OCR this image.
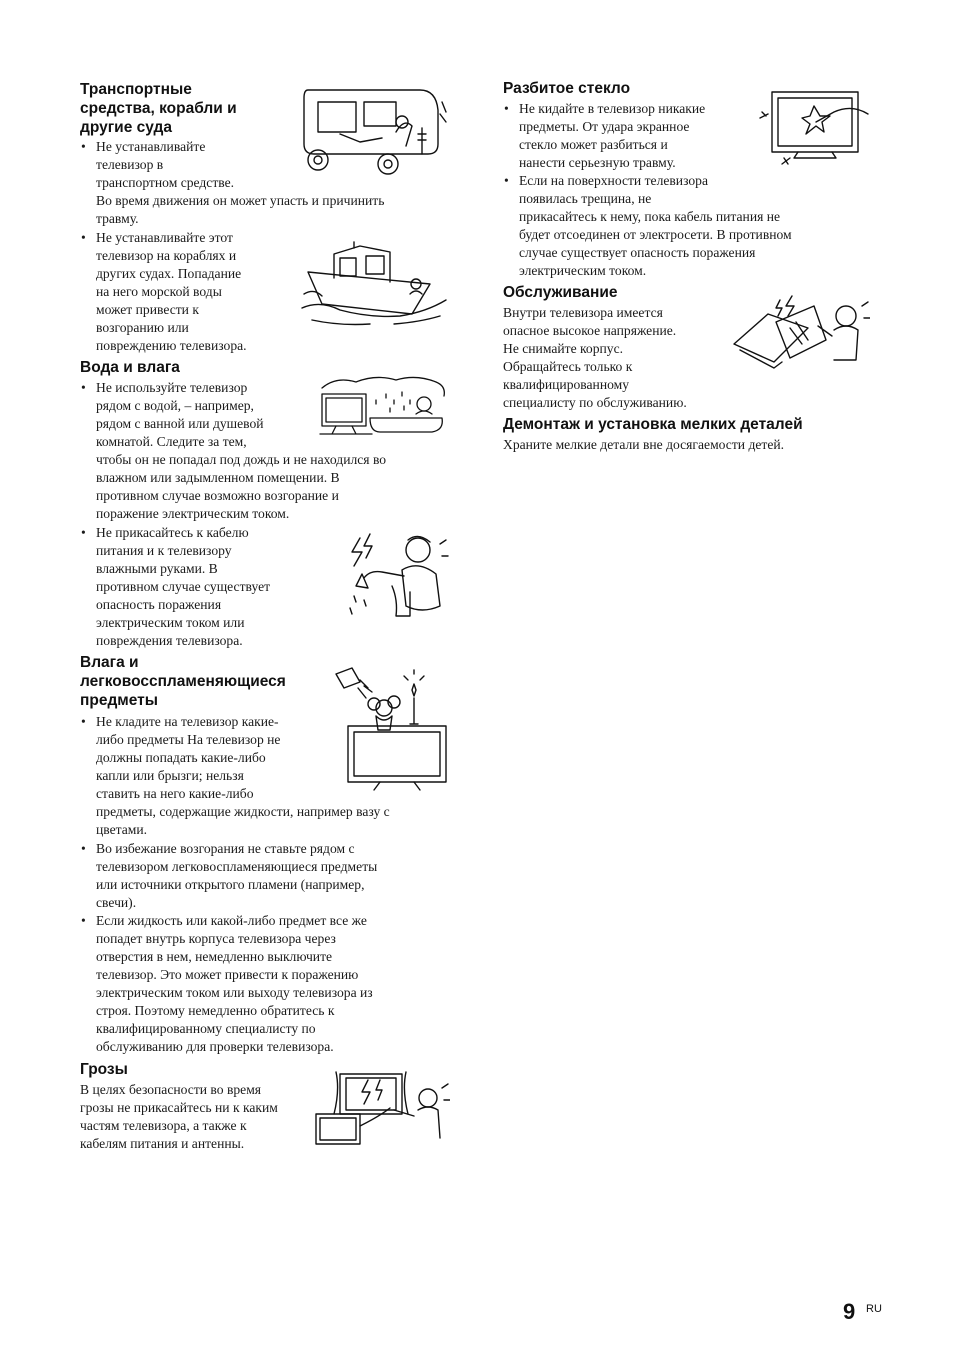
Транспортные
средства, корабли и
другие суда
• Не устанавливайте
телевизор в
транспортном средстве.
Во время движения он может упасть и причинить
травму.
• Не устанавливайте этот
телевизор на кораблях и
других судах. Попадание
на него морской воды
может привести к
возгоранию или
повреждению телевизора.
Вода и влага
• Не используйте телевизор
рядом с водой, – например,
рядом с ванной или душевой
комнатой. Следите за тем,
чтобы он не попадал под дождь и не находился во
влажном или задымленном помещении. В
противном случае возможно возгорание и
поражение электрическим током.
• Не прикасайтесь к кабелю
питания и к телевизору
влажными руками. В
противном случае существует
опасность поражения
электрическим током или
повреждения телевизора.
Влага и
легковосспламеняющиеся
предметы
• Не кладите на телевизор какие-
либо предметы На телевизор не
должны попадать какие-либо
капли или брызги; нельзя
ставить на него какие-либо
предметы, содержащие жидкости, например вазу с
цветами.
• Во избежание возгорания не ставьте рядом с
телевизором легковоспламеняющиеся предметы
или источники открытого пламени (например,
свечи).
• Если жидкость или какой-либо предмет все же
попадет внутрь корпуса телевизора через
отверстия в нем, немедленно выключите
телевизор. Это может привести к поражению
электрическим током или выходу телевизора из
строя. Поэтому немедленно обратитесь к
квалифицированному специалисту по
обслуживанию для проверки телевизора.
Грозы
В целях безопасности во время
грозы не прикасайтесь ни к каким
частям телевизора, а также к
кабелям питания и антенны.
Разбитое стекло
• Не кидайте в телевизор никакие
предметы. От удара экранное
стекло может разбиться и
нанести серьезную травму.
• Если на поверхности телевизора
появилась трещина, не
прикасайтесь к нему, пока кабель питания не
будет отсоединен от электросети. В противном
случае существует опасность поражения
электрическим током.
Обслуживание
Внутри телевизора имеется
опасное высокое напряжение.
Не снимайте корпус.
Обращайтесь только к
квалифицированному
специалисту по обслуживанию.
Демонтаж и установка мелких деталей
Храните мелкие детали вне досягаемости детей.
9 RU
